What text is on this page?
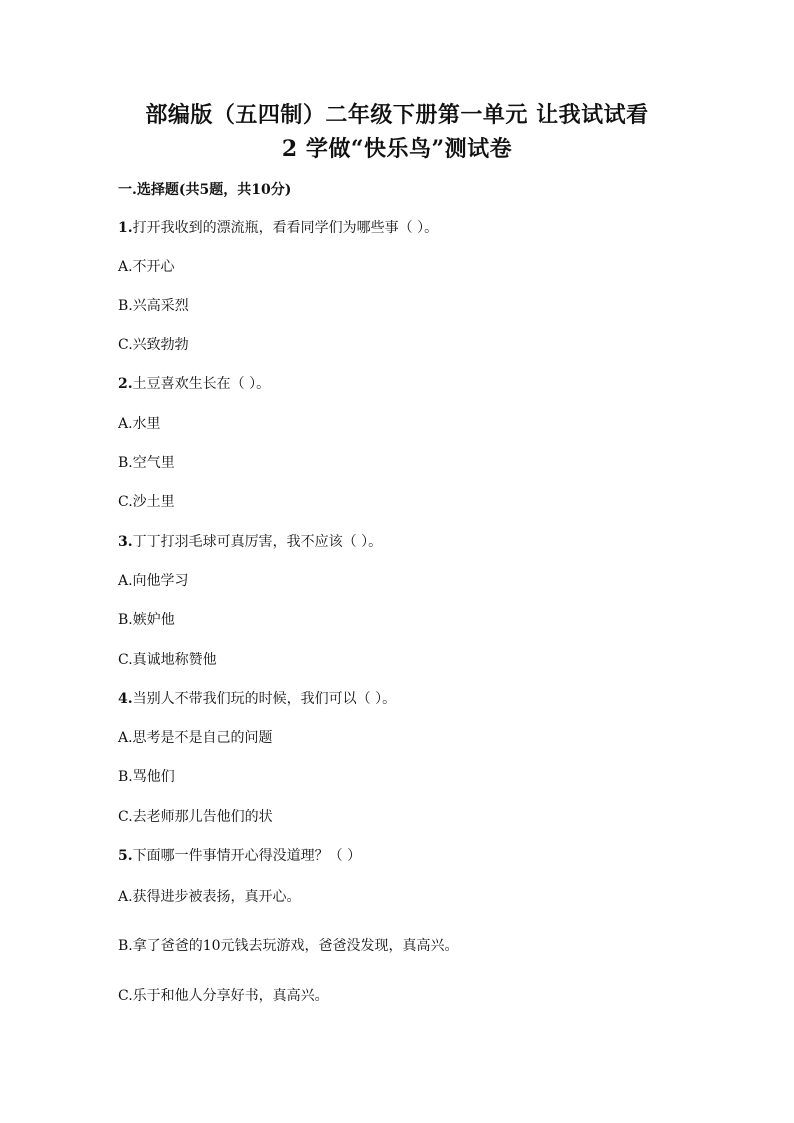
部编版（五四制）二年级下册第一单元 让我试试看
2 学做“快乐鸟”测试卷
一.选择题(共5题，共10分)
1.打开我收到的漂流瓶，看看同学们为哪些事（ ）。
A.不开心
B.兴高采烈
C.兴致勃勃
2.土豆喜欢生长在（ ）。
A.水里
B.空气里
C.沙土里
3.丁丁打羽毛球可真厉害，我不应该（ ）。
A.向他学习
B.嫉妒他
C.真诚地称赞他
4.当别人不带我们玩的时候，我们可以（ ）。
A.思考是不是自己的问题
B.骂他们
C.去老师那儿告他们的状
5.下面哪一件事情开心得没道理？（ ）
A.获得进步被表扬，真开心。
B.拿了爸爸的10元钱去玩游戏，爸爸没发现，真高兴。
C.乐于和他人分享好书，真高兴。
